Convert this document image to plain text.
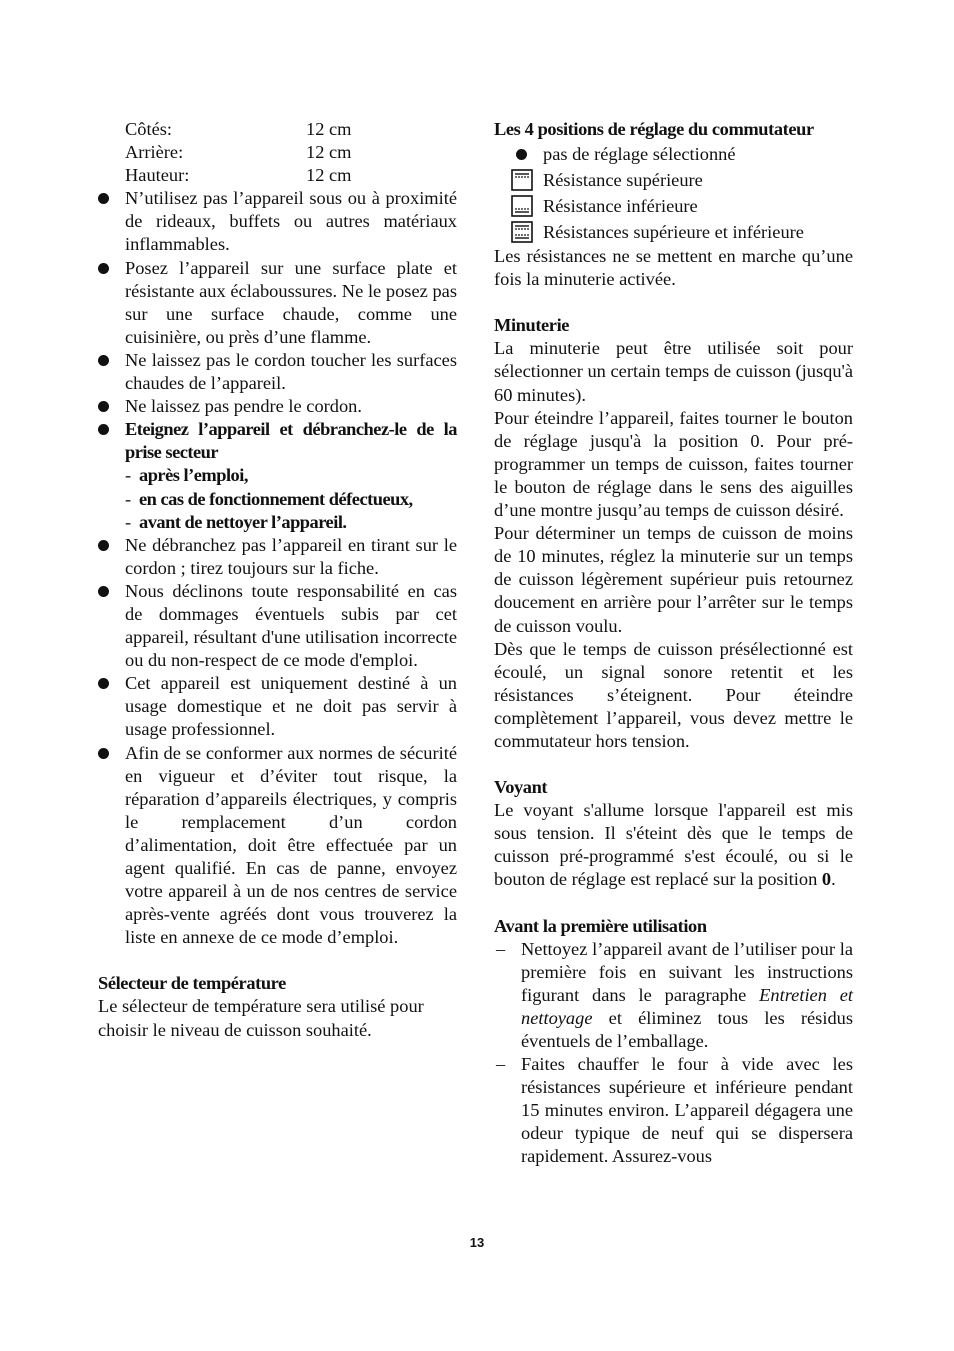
Côtés:	12 cm
Arrière:	12 cm
Hauteur:	12 cm
N’utilisez pas l’appareil sous ou à proximité de rideaux, buffets ou autres matériaux inflammables.
Posez l’appareil sur une surface plate et résistante aux éclaboussures. Ne le posez pas sur une surface chaude, comme une cuisinière, ou près d’une flamme.
Ne laissez pas le cordon toucher les surfaces chaudes de l’appareil.
Ne laissez pas pendre le cordon.
Eteignez l’appareil et débranchez-le de la prise secteur
- après l’emploi,
- en cas de fonctionnement défectueux,
- avant de nettoyer l’appareil.
Ne débranchez pas l’appareil en tirant sur le cordon ; tirez toujours sur la fiche.
Nous déclinons toute responsabilité en cas de dommages éventuels subis par cet appareil, résultant d'une utilisation incorrecte ou du non-respect de ce mode d'emploi.
Cet appareil est uniquement destiné à un usage domestique et ne doit pas servir à usage professionnel.
Afin de se conformer aux normes de sécurité en vigueur et d’éviter tout risque, la réparation d’appareils électriques, y compris le remplacement d’un cordon d’alimentation, doit être effectuée par un agent qualifié. En cas de panne, envoyez votre appareil à un de nos centres de service après-vente agréés dont vous trouverez la liste en annexe de ce mode d’emploi.

Sélecteur de température

Le sélecteur de température sera utilisé pour choisir le niveau de cuisson souhaité.

Les 4 positions de réglage du commutateur

pas de réglage sélectionné
Résistance supérieure
Résistance inférieure
Résistances supérieure et inférieure

Les résistances ne se mettent en marche qu’une fois la minuterie activée.

Minuterie

La minuterie peut être utilisée soit pour sélectionner un certain temps de cuisson (jusqu'à 60 minutes).

Pour éteindre l’appareil, faites tourner le bouton de réglage jusqu'à la position 0. Pour pré-programmer un temps de cuisson, faites tourner le bouton de réglage dans le sens des aiguilles d’une montre jusqu’au temps de cuisson désiré.

Pour déterminer un temps de cuisson de moins de 10 minutes, réglez la minuterie sur un temps de cuisson légèrement supérieur puis retournez doucement en arrière pour l’arrêter sur le temps de cuisson voulu.

Dès que le temps de cuisson présélectionné est écoulé, un signal sonore retentit et les résistances s’éteignent. Pour éteindre complètement l’appareil, vous devez mettre le commutateur hors tension.

Voyant

Le voyant s'allume lorsque l'appareil est mis sous tension. Il s'éteint dès que le temps de cuisson pré-programmé s'est écoulé, ou si le bouton de réglage est replacé sur la position 0.

Avant la première utilisation

– Nettoyez l’appareil avant de l’utiliser pour la première fois en suivant les instructions figurant dans le paragraphe Entretien et nettoyage et éliminez tous les résidus éventuels de l’emballage.
– Faites chauffer le four à vide avec les résistances supérieure et inférieure pendant 15 minutes environ. L’appareil dégagera une odeur typique de neuf qui se dispersera rapidement. Assurez-vous
13
